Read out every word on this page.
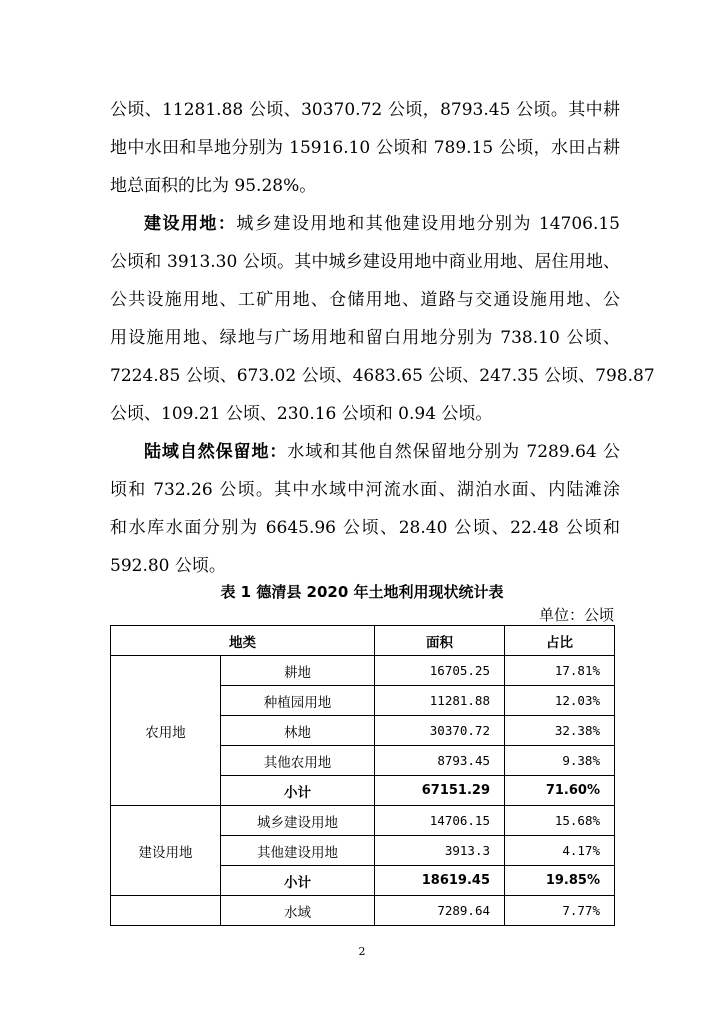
公顷、11281.88 公顷、30370.72 公顷，8793.45 公顷。其中耕
地中水田和旱地分别为 15916.10 公顷和 789.15 公顷，水田占耕
地总面积的比为 95.28%。
建设用地：城乡建设用地和其他建设用地分别为 14706.15
公顷和 3913.30 公顷。其中城乡建设用地中商业用地、居住用地、
公共设施用地、工矿用地、仓储用地、道路与交通设施用地、公
用设施用地、绿地与广场用地和留白用地分别为 738.10 公顷、
7224.85 公顷、673.02 公顷、4683.65 公顷、247.35 公顷、798.87
公顷、109.21 公顷、230.16 公顷和 0.94 公顷。
陆域自然保留地：水域和其他自然保留地分别为 7289.64 公
顷和 732.26 公顷。其中水域中河流水面、湖泊水面、内陆滩涂
和水库水面分别为 6645.96 公顷、28.40 公顷、22.48 公顷和
592.80 公顷。
表 1 德清县 2020 年土地利用现状统计表
单位：公顷
地类		面积	占比
农用地	耕地	16705.25	17.81%
	种植园用地	11281.88	12.03%
	林地	30370.72	32.38%
	其他农用地	8793.45	9.38%
	小计	67151.29	71.60%
建设用地	城乡建设用地	14706.15	15.68%
	其他建设用地	3913.3	4.17%
	小计	18619.45	19.85%
	水域	7289.64	7.77%
2
